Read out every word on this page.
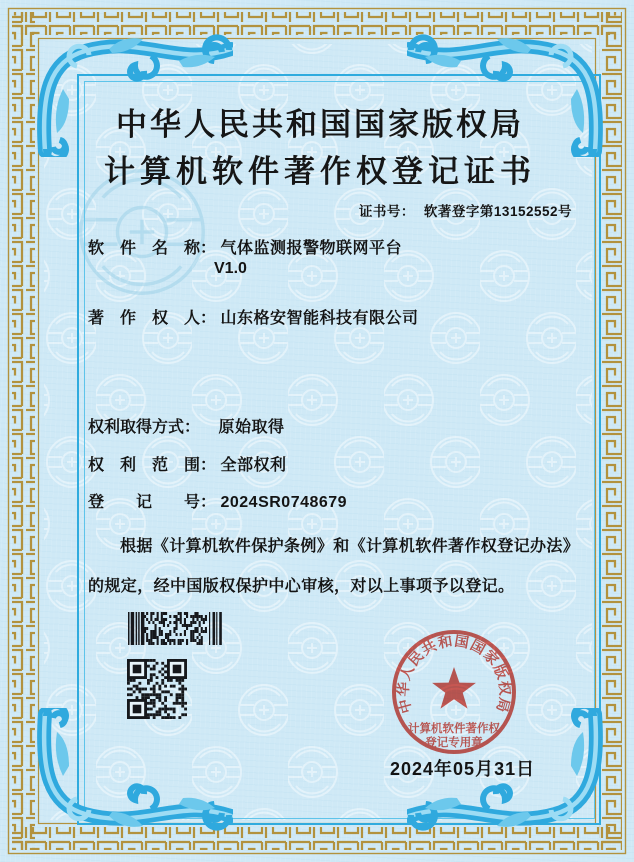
中华人民共和国国家版权局
计算机软件著作权登记证书
证书号： 软著登字第13152552号
软　件　名　称： 气体监测报警物联网平台
V1.0
著　作　权　人： 山东格安智能科技有限公司
权利取得方式： 原始取得
权　利　范　围： 全部权利
登　　记　　号： 2024SR0748679
根据《计算机软件保护条例》和《计算机软件著作权登记办法》的规定，经中国版权保护中心审核，对以上事项予以登记。
中华人民共和国国家版权局
计算机软件著作权
登记专用章
2024年05月31日
